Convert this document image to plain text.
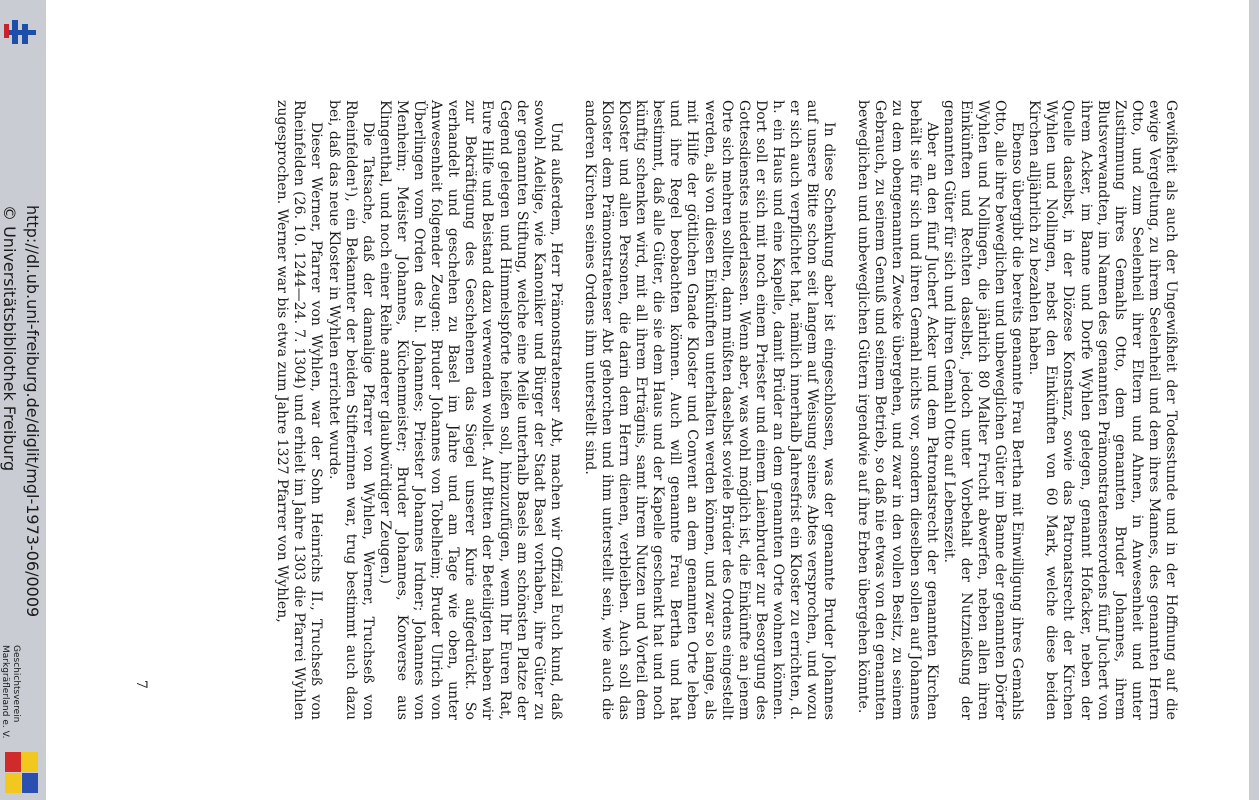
Gewißheit als auch der Ungewißheit der Todesstunde und in der Hoffnung auf die ewige Vergeltung, zu ihrem Seelenheil und dem ihres Mannes, des genannten Herrn Otto, und zum Seelenheil ihrer Eltern und Ahnen, in Anwesenheit und unter Zustimmung ihres Gemahls Otto, dem genannten Bruder Johannes, ihrem Blutsverwandten, im Namen des genannten Prämonstratenserordens fünf Juchert von ihrem Acker, im Banne und Dorfe Wyhlen gelegen, genannt Hofacker, neben der Quelle daselbst, in der Diözese Konstanz, sowie das Patronatsrecht der Kirchen Wyhlen und Nollingen, nebst den Einkünften von 60 Mark, welche diese beiden Kirchen alljährlich zu bezahlen haben.

Ebenso übergibt die bereits genannte Frau Bertha mit Einwilligung ihres Gemahls Otto, alle ihre beweglichen und unbeweglichen Güter im Banne der genannten Dörfer Wyhlen und Nollingen, die jährlich 80 Malter Frucht abwerfen, neben allen ihren Einkünften und Rechten daselbst, jedoch unter Vorbehalt der Nutznießung der genannten Güter für sich und ihren Gemahl Otto auf Lebenszeit.

Aber an den fünf Juchert Acker und dem Patronatsrecht der genannten Kirchen behält sie für sich und ihren Gemahl nichts vor, sondern dieselben sollen auf Johannes zu dem obengenannten Zwecke übergehen, und zwar in den vollen Besitz, zu seinem Gebrauch, zu seinem Genuß und seinem Betrieb, so daß nie etwas von den genannten beweglichen und unbeweglichen Gütern irgendwie auf ihre Erben übergehen könnte.

In diese Schenkung aber ist eingeschlossen, was der genannte Bruder Johannes auf unsere Bitte schon seit langem auf Weisung seines Abtes versprochen, und wozu er sich auch verpflichtet hat, nämlich innerhalb Jahresfrist ein Kloster zu errichten, d. h. ein Haus und eine Kapelle, damit Brüder an dem genannten Orte wohnen können. Dort soll er sich mit noch einem Priester und einem Laienbruder zur Besorgung des Gottesdienstes niederlassen. Wenn aber, was wohl möglich ist, die Einkünfte an jenem Orte sich mehren sollten, dann müßten daselbst soviele Brüder des Ordens eingestellt werden, als von diesen Einkünften unterhalten werden können, und zwar so lange, als mit Hilfe der göttlichen Gnade Kloster und Convent an dem genannten Orte leben und ihre Regel beobachten können. Auch will genannte Frau Bertha und hat bestimmt, daß alle Güter, die sie dem Haus und der Kapelle geschenkt hat und noch künftig schenken wird, mit all ihrem Erträgnis, samt ihrem Nutzen und Vorteil dem Kloster und allen Personen, die darin dem Herrn dienen, verbleiben. Auch soll das Kloster dem Prämonstratenser Abt gehorchen und ihm unterstellt sein, wie auch die anderen Kirchen seines Ordens ihm unterstellt sind.

Und außerdem, Herr Prämonstratenser Abt, machen wir Offizial Euch kund, daß sowohl Adelige, wie Kanoniker und Bürger der Stadt Basel vorhaben, ihre Güter zu der genannten Stiftung, welche eine Meile unterhalb Basels am schönsten Platze der Gegend gelegen und Himmelspforte heißen soll, hinzuzufügen, wenn Ihr Euren Rat, Eure Hilfe und Beistand dazu verwenden wollet. Auf Bitten der Beteiligten haben wir zur Bekräftigung des Geschehenen das Siegel unserer Kurie aufgedrückt. So verhandelt und geschehen zu Basel im Jahre und am Tage wie oben, unter Anwesenheit folgender Zeugen: Bruder Johannes von Tobelheim; Bruder Ulrich von Überlingen vom Orden des hl. Johannes; Priester Johannes Irdner; Johannes von Menheim; Meister Johannes, Küchenmeister; Bruder Johannes, Konverse aus Klingenthal, und noch einer Reihe anderer glaubwürdiger Zeugen.)

Die Tatsache, daß der damalige Pfarrer von Wyhlen, Werner, Truchseß von Rheinfelden¹), ein Bekannter der beiden Stifterinnen war, trug bestimmt auch dazu bei, daß das neue Kloster in Wyhlen errichtet wurde.

Dieser Werner, Pfarrer von Wyhlen, war der Sohn Heinrichs II., Truchseß von Rheinfelden (26. 10. 1244—24. 7. 1304) und erhielt im Jahre 1303 die Pfarrei Wyhlen zugesprochen. Werner war bis etwa zum Jahre 1327 Pfarrer von Wyhlen,

7
http://dl.ub.uni-freiburg.de/diglit/mgl-1973-06/0009
© Universitätsbibliothek Freiburg
Geschichtsverein
Markgräflerland e. V.
